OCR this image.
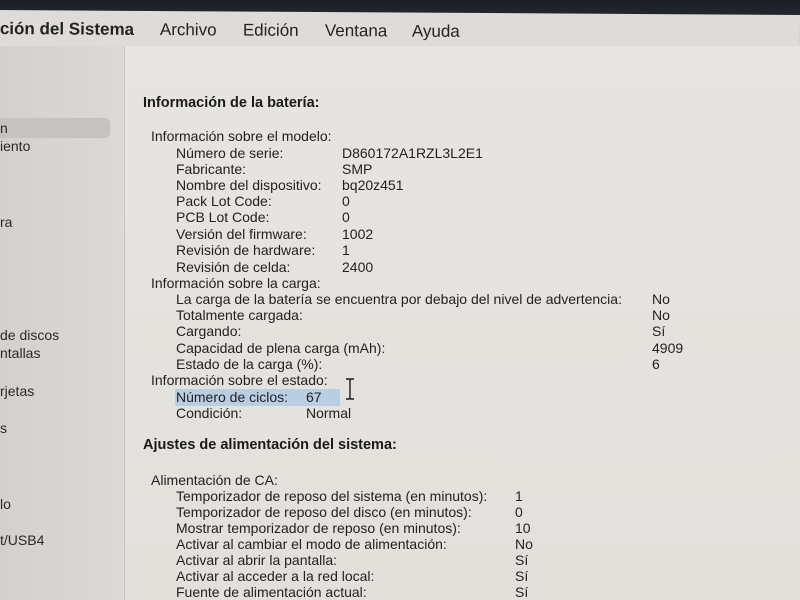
ción del Sistema Archivo Edición Ventana Ayuda
n
iento
ra
de discos
ntallas
rjetas
s
lo
t/USB4
Información de la batería:
Información sobre el modelo:
Número de serie:	D860172A1RZL3L2E1
Fabricante:	SMP
Nombre del dispositivo: bq20z451
Pack Lot Code:	0
PCB Lot Code:	0
Versión del firmware:	1002
Revisión de hardware: 1
Revisión de celda:	2400
Información sobre la carga:
La carga de la batería se encuentra por debajo del nivel de advertencia: No
Totalmente cargada:	No
Cargando:	Sí
Capacidad de plena carga (mAh):	4909
Estado de la carga (%):	6
Información sobre el estado:
Número de ciclos: 67
Condición:	Normal
Ajustes de alimentación del sistema:
Alimentación de CA:
Temporizador de reposo del sistema (en minutos): 1
Temporizador de reposo del disco (en minutos):	0
Mostrar temporizador de reposo (en minutos):	10
Activar al cambiar el modo de alimentación:	No
Activar al abrir la pantalla:	Sí
Activar al acceder a la red local:	Sí
Fuente de alimentación actual:	Sí
